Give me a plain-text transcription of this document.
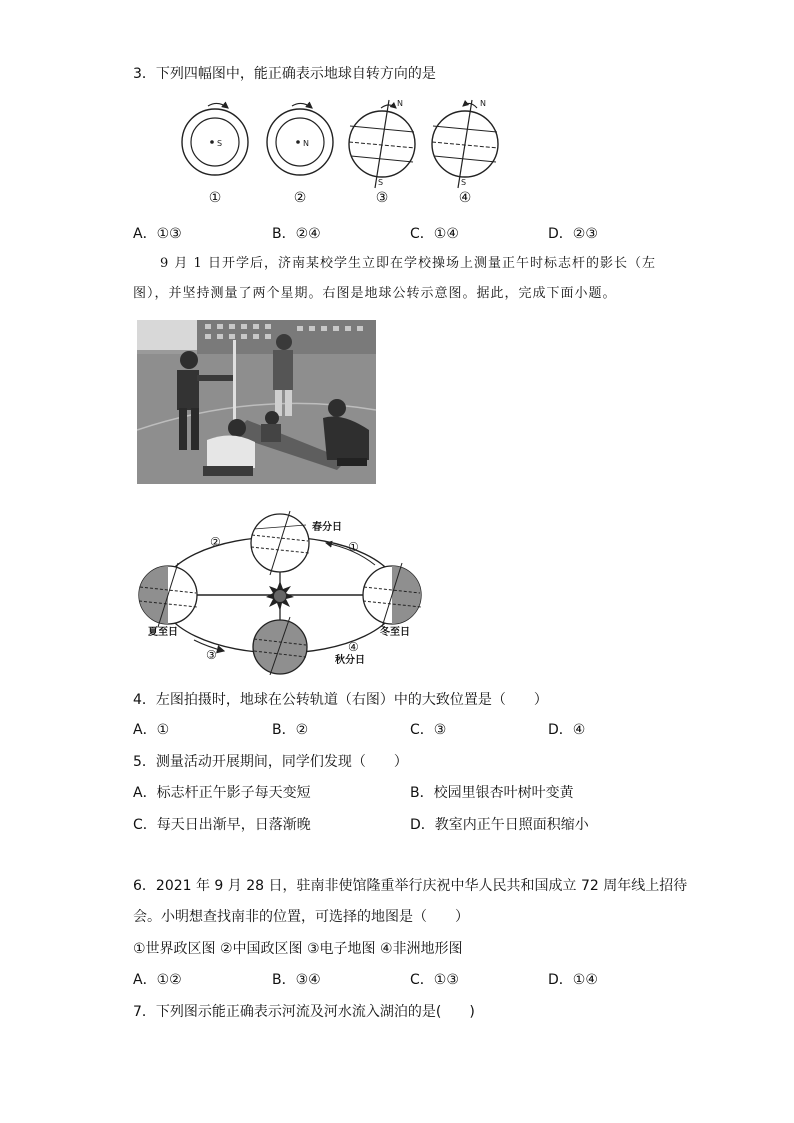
3．下列四幅图中，能正确表示地球自转方向的是
S	N
N
S
N
S
①	②	③	④
A．①③	B．②④	C．①④	D．②③
9 月 1 日开学后，济南某校学生立即在学校操场上测量正午时标志杆的影长（左
图），并坚持测量了两个星期。右图是地球公转示意图。据此，完成下面小题。
春分日
夏至日	冬至日
秋分日
①
②
③
④
4．左图拍摄时，地球在公转轨道（右图）中的大致位置是（　　）
A．①	B．②	C．③	D．④
5．测量活动开展期间，同学们发现（　　）
A．标志杆正午影子每天变短	B．校园里银杏叶树叶变黄
C．每天日出渐早，日落渐晚	D．教室内正午日照面积缩小
6．2021 年 9 月 28 日，驻南非使馆隆重举行庆祝中华人民共和国成立 72 周年线上招待
会。小明想查找南非的位置，可选择的地图是（　　）
①世界政区图 ②中国政区图 ③电子地图 ④非洲地形图
A．①②	B．③④	C．①③	D．①④
7．下列图示能正确表示河流及河水流入湖泊的是(　　)
